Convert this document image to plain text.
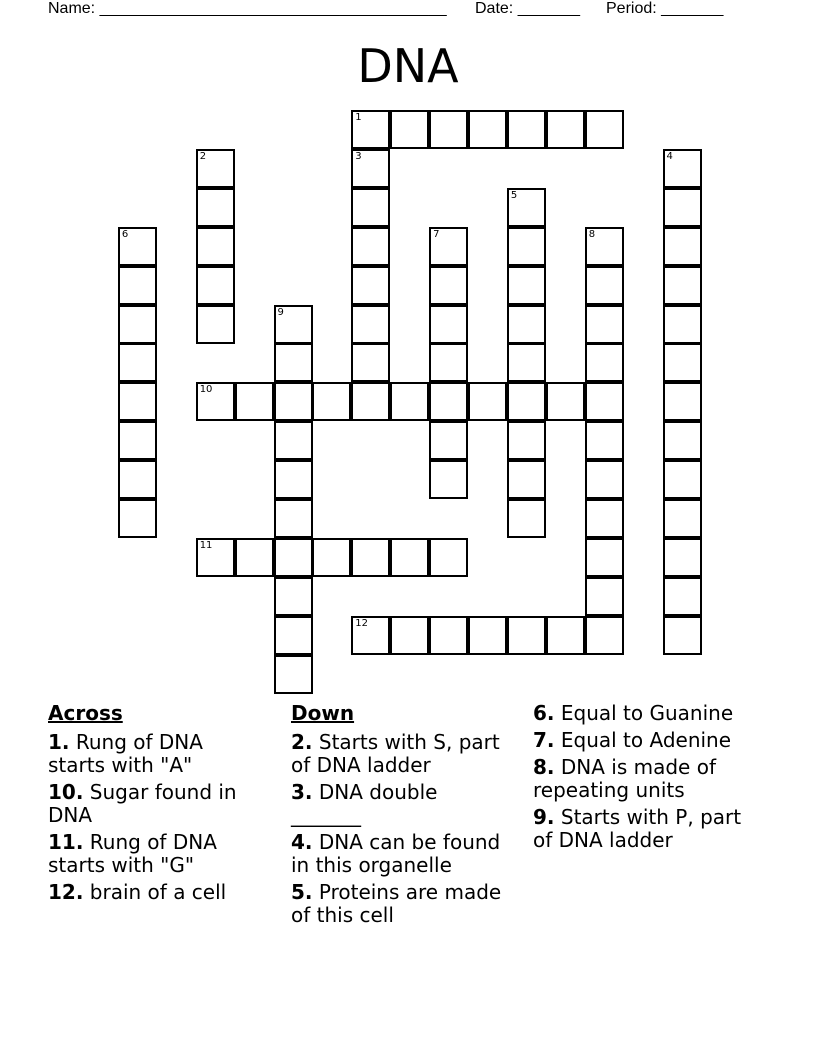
Name: _______________________________________ Date: _______ Period: _______
DNA
1
2	3	4
5
6	7	8
9
10
11
12
Across
1. Rung of DNA starts with "A"
10. Sugar found in DNA
11. Rung of DNA starts with "G"
12. brain of a cell
Down
2. Starts with S, part of DNA ladder
3. DNA double _______
4. DNA can be found in this organelle
5. Proteins are made of this cell
6. Equal to Guanine
7. Equal to Adenine
8. DNA is made of repeating units
9. Starts with P, part of DNA ladder
